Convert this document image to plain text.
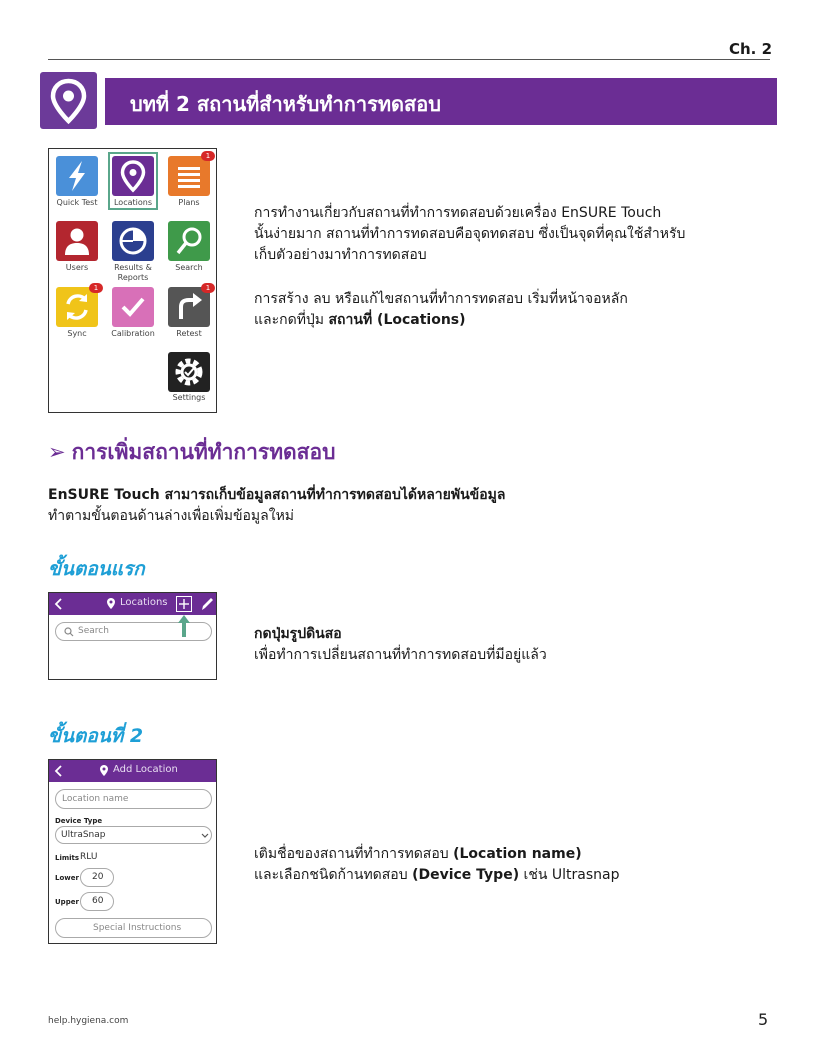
Ch. 2
บทที่ 2 สถานที่สำหรับทำการทดสอบ
Quick Test	Locations
1
Plans
Users	Results & Reports
Search
1
Sync	Calibration
1
Retest
Settings
การทำงานเกี่ยวกับสถานที่ทำการทดสอบด้วยเครื่อง EnSURE Touch
นั้นง่ายมาก สถานที่ทำการทดสอบคือจุดทดสอบ ซึ่งเป็นจุดที่คุณใช้สำหรับ
เก็บตัวอย่างมาทำการทดสอบ
การสร้าง ลบ หรือแก้ไขสถานที่ทำการทดสอบ เริ่มที่หน้าจอหลัก
และกดที่ปุ่ม สถานที่ (Locations)
➢ การเพิ่มสถานที่ทำการทดสอบ
EnSURE Touch สามารถเก็บข้อมูลสถานที่ทำการทดสอบได้หลายพันข้อมูล
ทำตามขั้นตอนด้านล่างเพื่อเพิ่มข้อมูลใหม่
ขั้นตอนแรก
Locations
Search	กดปุ่มรูปดินสอ
เพื่อทำการเปลี่ยนสถานที่ทำการทดสอบที่มีอยู่แล้ว
ขั้นตอนที่ 2
Add Location
Location name
Device Type
UltraSnap
Limits RLU
Lower 20
Upper 60
Special Instructions
เติมชื่อของสถานที่ทำการทดสอบ (Location name)
และเลือกชนิดก้านทดสอบ (Device Type) เช่น Ultrasnap
help.hygiena.com	5
